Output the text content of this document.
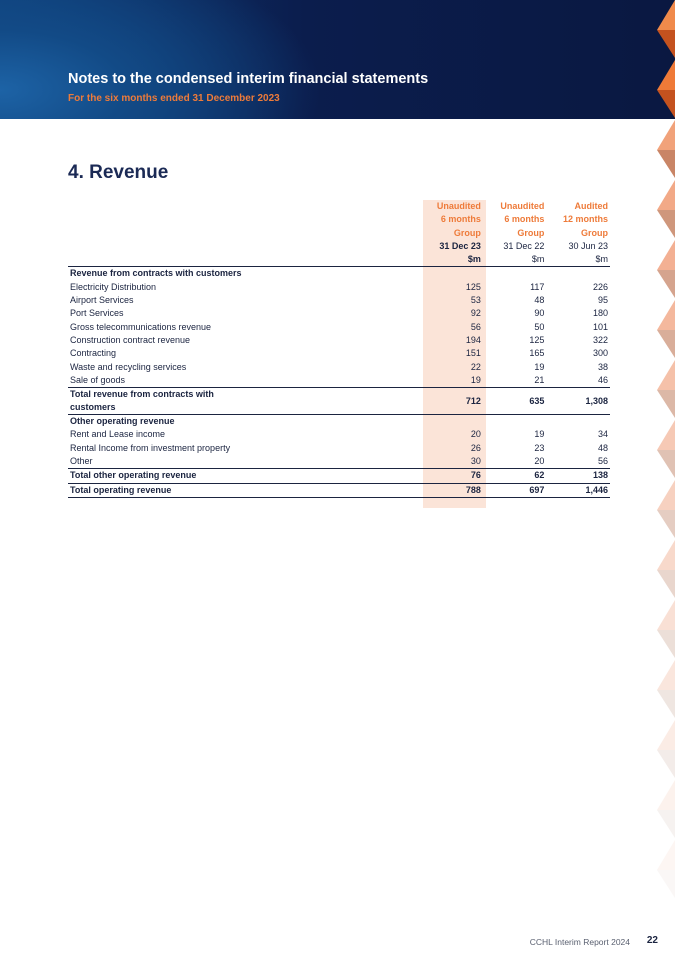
Notes to the condensed interim financial statements
For the six months ended 31 December 2023
4. Revenue
	Unaudited	Unaudited	Audited
	6 months	6 months	12 months
	Group	Group	Group
	31 Dec 23	31 Dec 22	30 Jun 23
	$m	$m	$m
Revenue from contracts with customers			
Electricity Distribution	125	117	226
Airport Services	53	48	95
Port Services	92	90	180
Gross telecommunications revenue	56	50	101
Construction contract revenue	194	125	322
Contracting	151	165	300
Waste and recycling services	22	19	38
Sale of goods	19	21	46
Total revenue from contracts with
customers	712	635	1,308
Other operating revenue			
Rent and Lease income	20	19	34
Rental Income from investment property	26	23	48
Other	30	20	56
Total other operating revenue	76	62	138
Total operating revenue	788	697	1,446
CCHL Interim Report 2024 22
